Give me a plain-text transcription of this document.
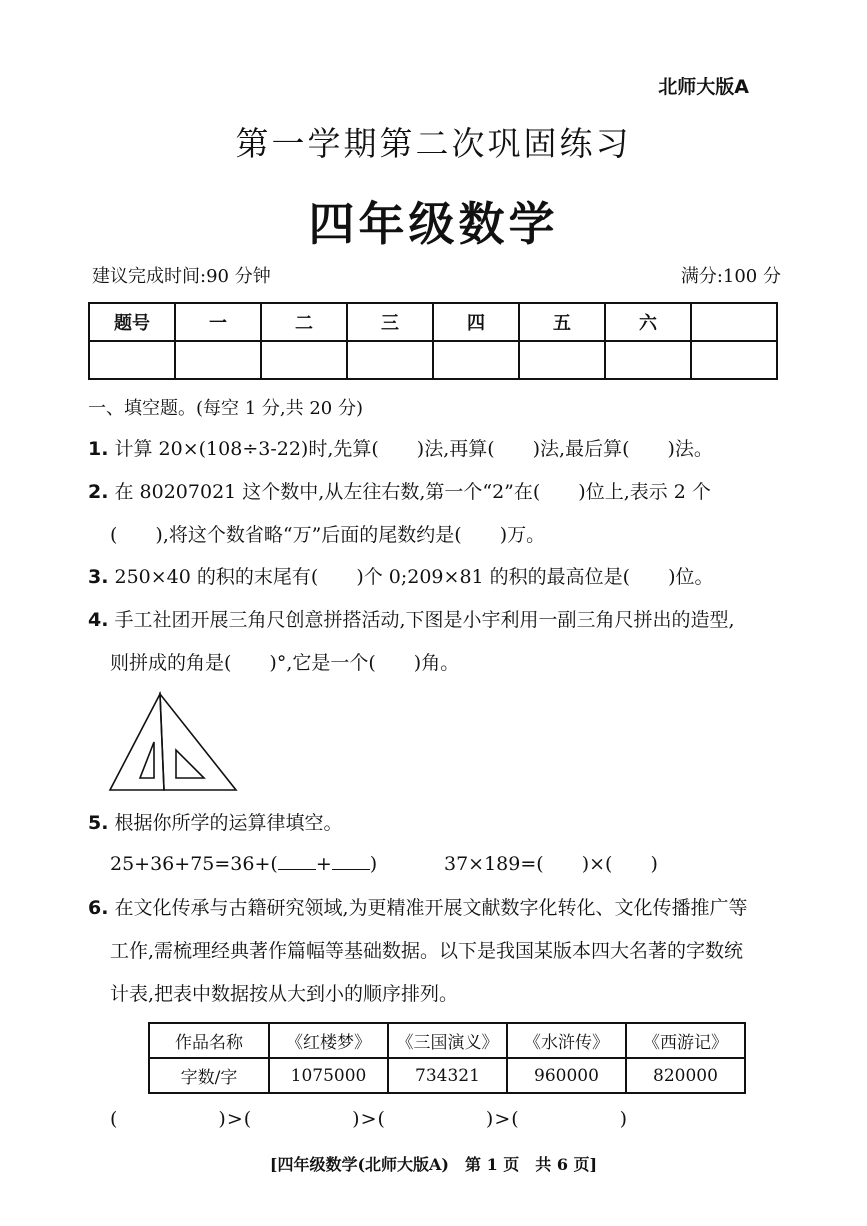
北师大版A
第一学期第二次巩固练习
四年级数学
建议完成时间:90 分钟	满分:100 分
题号	一	二	三	四	五	六	

一、填空题。(每空 1 分,共 20 分)
1. 计算 20×(108÷3-22)时,先算(　　)法,再算(　　)法,最后算(　　)法。
2. 在 80207021 这个数中,从左往右数,第一个“2”在(　　)位上,表示 2 个
(　　),将这个数省略“万”后面的尾数约是(　　)万。
3. 250×40 的积的末尾有(　　)个 0;209×81 的积的最高位是(　　)位。
4. 手工社团开展三角尺创意拼搭活动,下图是小宇利用一副三角尺拼出的造型,
则拼成的角是(　　)°,它是一个(　　)角。
5. 根据你所学的运算律填空。
25+36+75=36+( + )	37×189=(　　)×(　　)
6. 在文化传承与古籍研究领域,为更精准开展文献数字化转化、文化传播推广等
工作,需梳理经典著作篇幅等基础数据。以下是我国某版本四大名著的字数统
计表,把表中数据按从大到小的顺序排列。
作品名称	《红楼梦》	《三国演义》	《水浒传》	《西游记》
字数/字	1075000	734321	960000	820000
(　　　　　)>(　　　　　)>(　　　　　)>(　　　　　)
[四年级数学(北师大版A)　第 1 页　共 6 页]
